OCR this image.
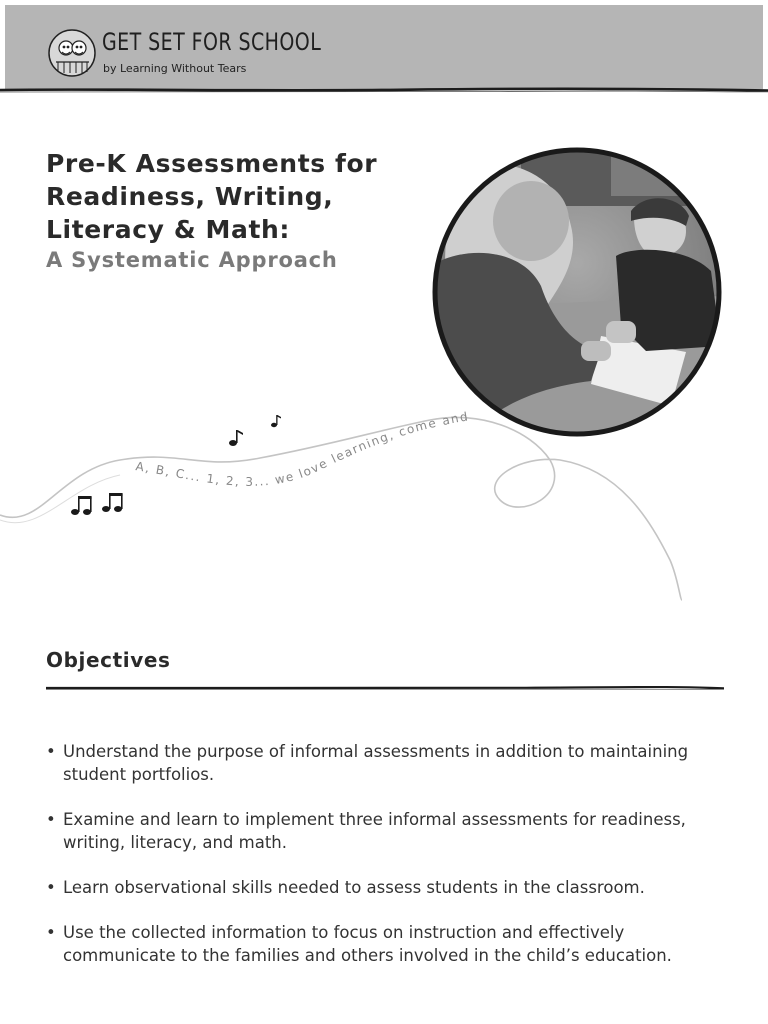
GET SET FOR SCHOOL
by Learning Without Tears
Pre-K Assessments for
Readiness, Writing,
Literacy & Math:
A Systematic Approach
A, B, C... 1, 2, 3... we love learning, come and
Objectives
• Understand the purpose of informal assessments in addition to maintaining student portfolios.
• Examine and learn to implement three informal assessments for readiness, writing, literacy, and math.
• Learn observational skills needed to assess students in the classroom.
• Use the collected information to focus on instruction and effectively communicate to the families and others involved in the child’s education.
